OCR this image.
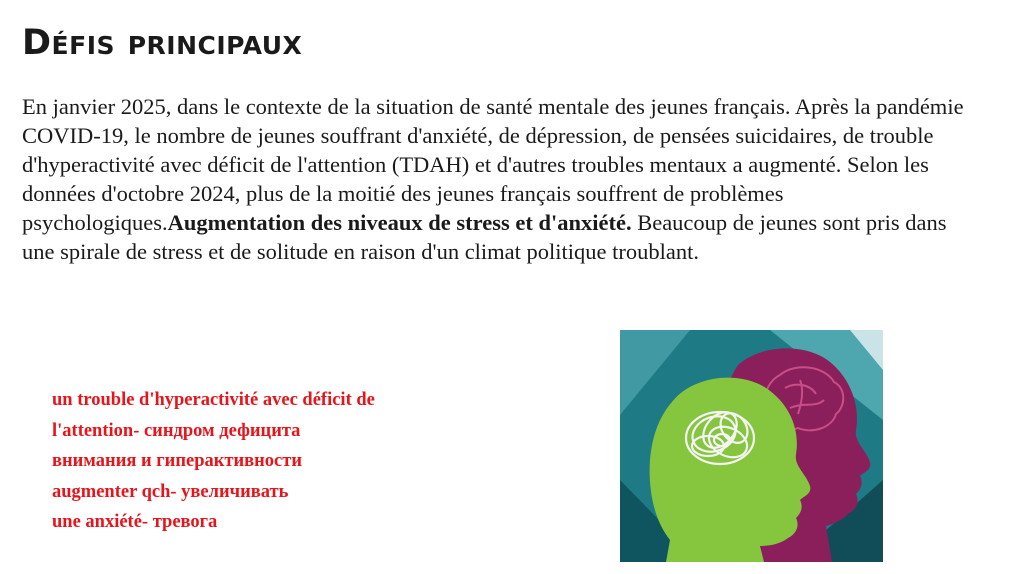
Défis principaux

En janvier 2025, dans le contexte de la situation de santé mentale des jeunes français. Après la pandémie COVID-19, le nombre de jeunes souffrant d'anxiété, de dépression, de pensées suicidaires, de trouble d'hyperactivité avec déficit de l'attention (TDAH) et d'autres troubles mentaux a augmenté. Selon les données d'octobre 2024, plus de la moitié des jeunes français souffrent de problèmes psychologiques.Augmentation des niveaux de stress et d'anxiété. Beaucoup de jeunes sont pris dans une spirale de stress et de solitude en raison d'un climat politique troublant.

un trouble d'hyperactivité avec déficit de
l'attention- синдром дефицита
внимания и гиперактивности
augmenter qch- увеличивать
une anxiété- тревога
